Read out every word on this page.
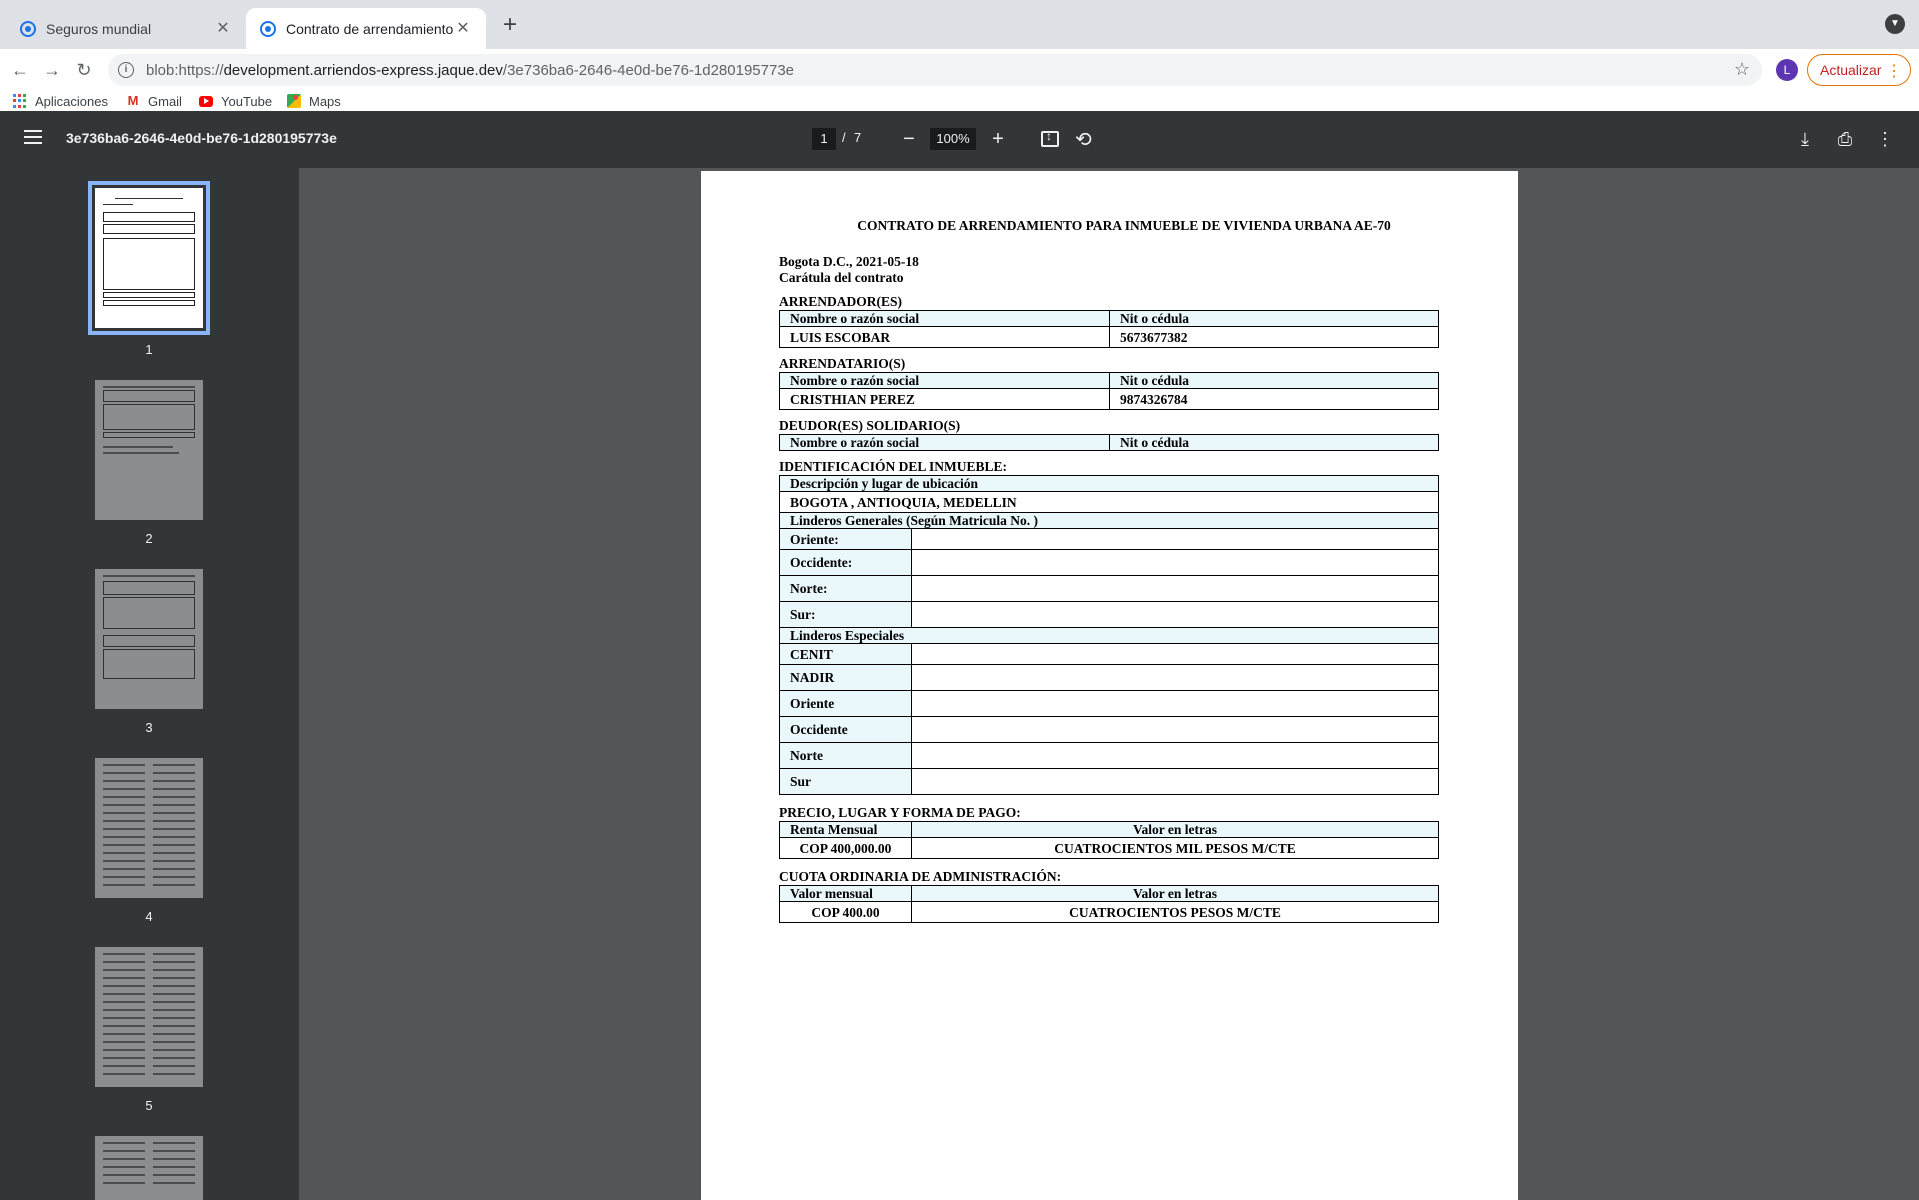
Seguros mundial	✕	Contrato de arrendamiento ✕ +	▼
← → ↻	i	blob:https://development.arriendos-express.jaque.dev/3e736ba6-2646-4e0d-be76-1d280195773e	☆	L	Actualizar ⋮
Aplicaciones M Gmail	YouTube	Maps
3e736ba6-2646-4e0d-be76-1d280195773e	1	/ 7	−	100%	+ ↕	⟲	⤓	⎙ ⋮
1
2
3
4
5
CONTRATO DE ARRENDAMIENTO PARA INMUEBLE DE VIVIENDA URBANA AE-70
Bogota D.C., 2021-05-18
Carátula del contrato
ARRENDADOR(ES)
Nombre o razón social	Nit o cédula
LUIS ESCOBAR	5673677382
ARRENDATARIO(S)
Nombre o razón social	Nit o cédula
CRISTHIAN PEREZ	9874326784
DEUDOR(ES) SOLIDARIO(S)
Nombre o razón social	Nit o cédula
IDENTIFICACIÓN DEL INMUEBLE:
Descripción y lugar de ubicación	
BOGOTA , ANTIOQUIA, MEDELLIN	
Linderos Generales (Según Matricula No. )	
Oriente:	
Occidente:	
Norte:	
Sur:	
Linderos Especiales	
CENIT	
NADIR	
Oriente	
Occidente	
Norte	
Sur	
PRECIO, LUGAR Y FORMA DE PAGO:
Renta Mensual	Valor en letras
COP 400,000.00	CUATROCIENTOS MIL PESOS M/CTE
CUOTA ORDINARIA DE ADMINISTRACIÓN:
Valor mensual	Valor en letras
COP 400.00	CUATROCIENTOS PESOS M/CTE
